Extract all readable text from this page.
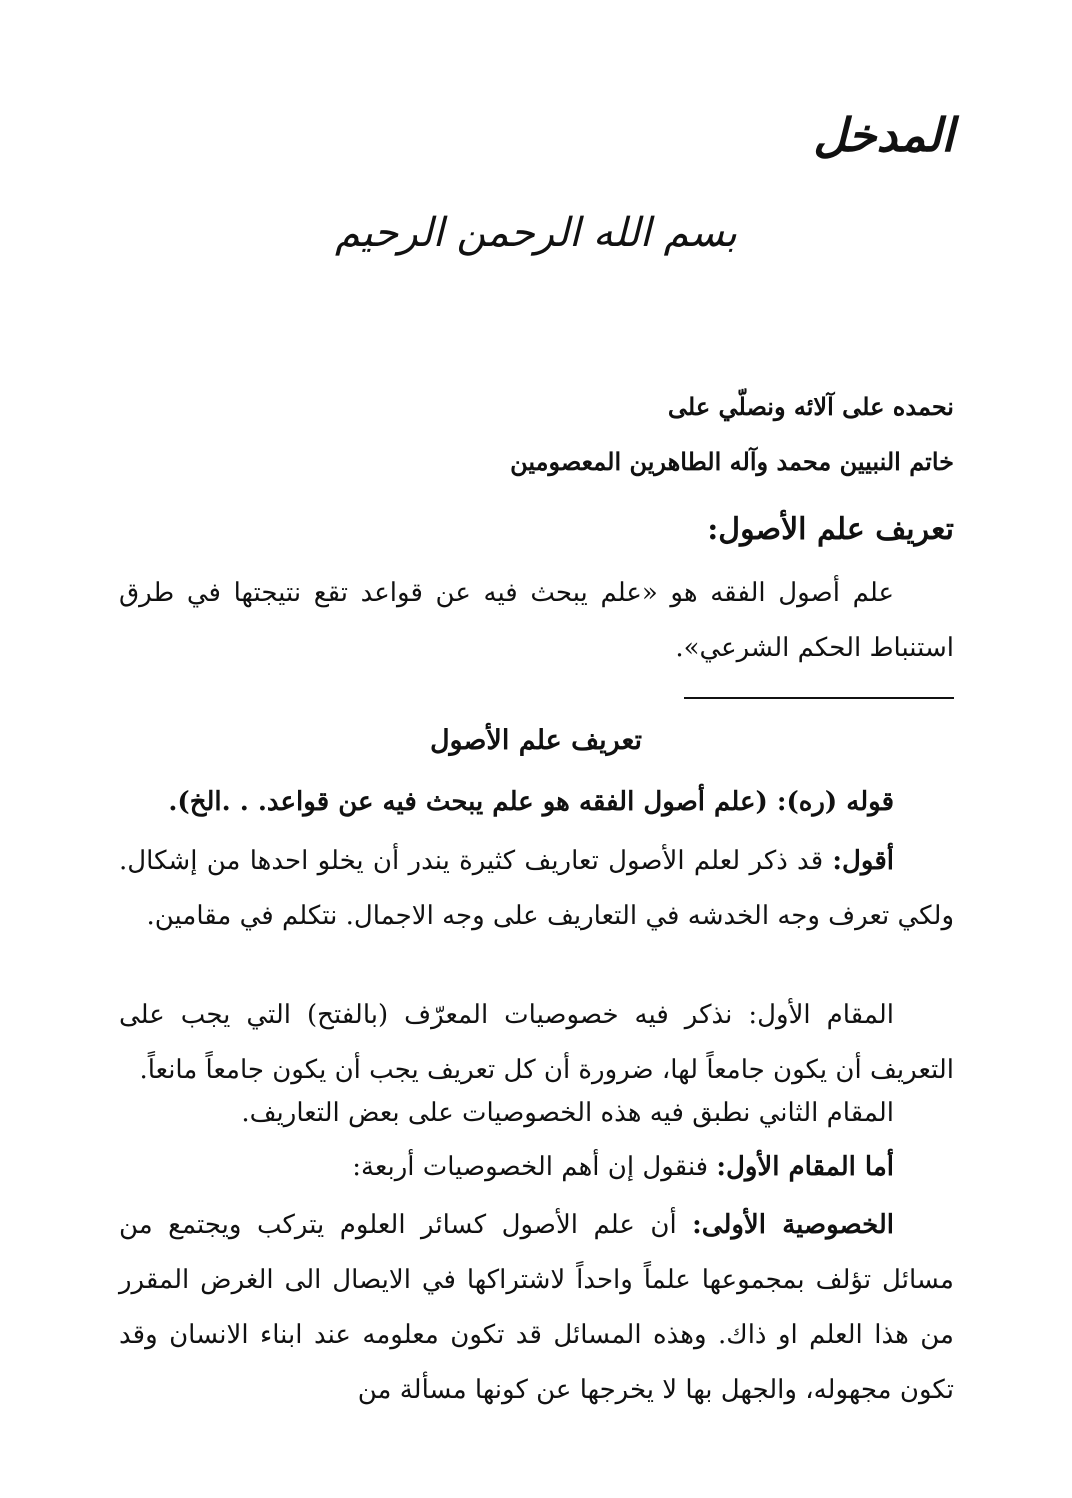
المدخل
بسم الله الرحمن الرحيم
نحمده على آلائه ونصلّي على
خاتم النبيين محمد وآله الطاهرين المعصومين
تعريف علم الأصول:

علم أصول الفقه هو «علم يبحث فيه عن قواعد تقع نتيجتها في طرق استنباط الحكم الشرعي».

تعريف علم الأصول

قوله (ره): (علم أصول الفقه هو علم يبحث فيه عن قواعد. . .الخ).

أقول: قد ذكر لعلم الأصول تعاريف كثيرة يندر أن يخلو احدها من إشكال. ولكي تعرف وجه الخدشه في التعاريف على وجه الاجمال. نتكلم في مقامين.

المقام الأول: نذكر فيه خصوصيات المعرّف (بالفتح) التي يجب على التعريف أن يكون جامعاً لها، ضرورة أن كل تعريف يجب أن يكون جامعاً مانعاً.

المقام الثاني نطبق فيه هذه الخصوصيات على بعض التعاريف.

أما المقام الأول: فنقول إن أهم الخصوصيات أربعة:

الخصوصية الأولى: أن علم الأصول كسائر العلوم يتركب ويجتمع من مسائل تؤلف بمجموعها علماً واحداً لاشتراكها في الايصال الى الغرض المقرر من هذا العلم او ذاك. وهذه المسائل قد تكون معلومه عند ابناء الانسان وقد تكون مجهوله، والجهل بها لا يخرجها عن كونها مسألة من
